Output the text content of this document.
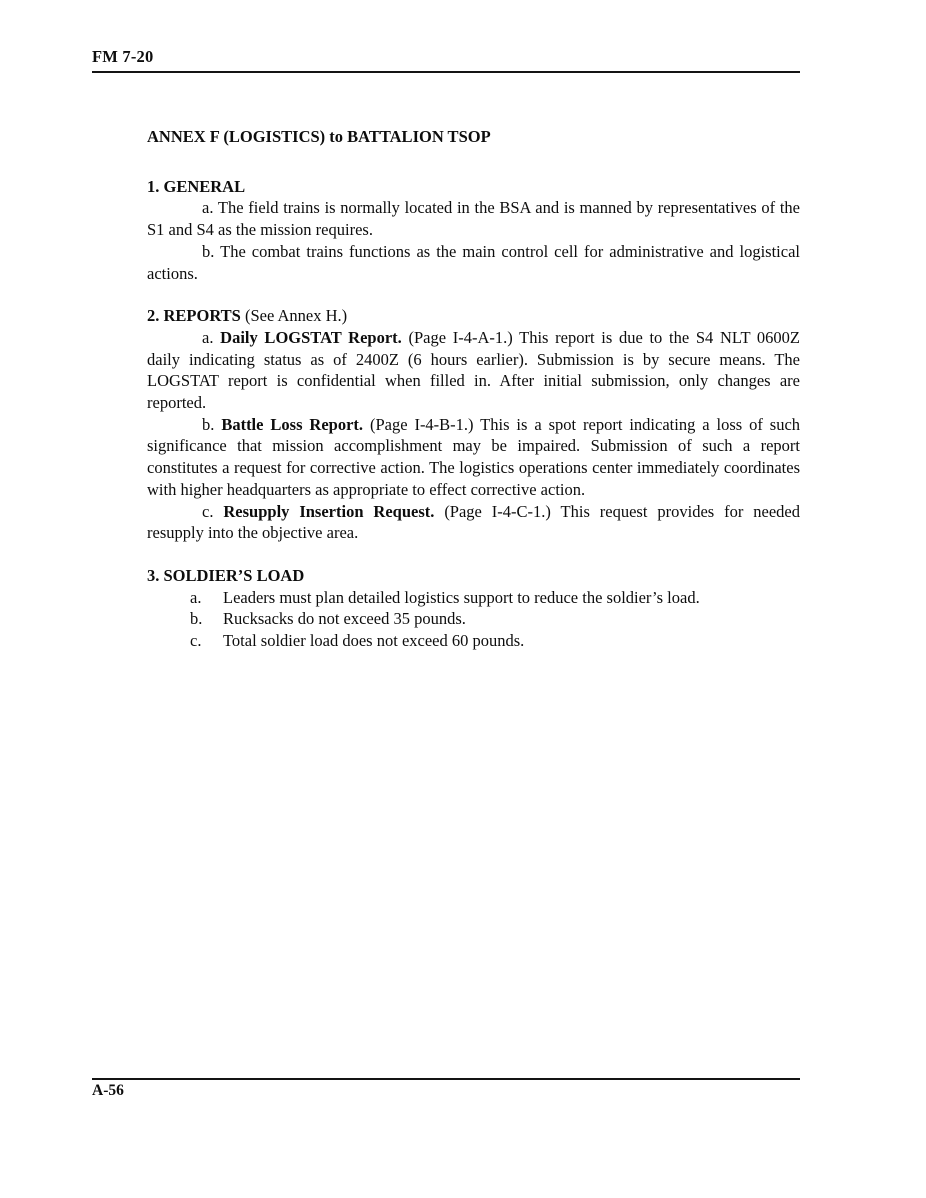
FM 7-20
ANNEX F (LOGISTICS) to BATTALION TSOP
1. GENERAL

a. The field trains is normally located in the BSA and is manned by representatives of the S1 and S4 as the mission requires.

b. The combat trains functions as the main control cell for administrative and logistical actions.

2. REPORTS (See Annex H.)

a. Daily LOGSTAT Report. (Page I-4-A-1.) This report is due to the S4 NLT 0600Z daily indicating status as of 2400Z (6 hours earlier). Submission is by secure means. The LOGSTAT report is confidential when filled in. After initial submission, only changes are reported.

b. Battle Loss Report. (Page I-4-B-1.) This is a spot report indicating a loss of such significance that mission accomplishment may be impaired. Submission of such a report constitutes a request for corrective action. The logistics operations center immediately coordinates with higher headquarters as appropriate to effect corrective action.

c. Resupply Insertion Request. (Page I-4-C-1.) This request provides for needed resupply into the objective area.

3. SOLDIER’S LOAD
a. Leaders must plan detailed logistics support to reduce the soldier’s load.
b. Rucksacks do not exceed 35 pounds.
c. Total soldier load does not exceed 60 pounds.
A-56
